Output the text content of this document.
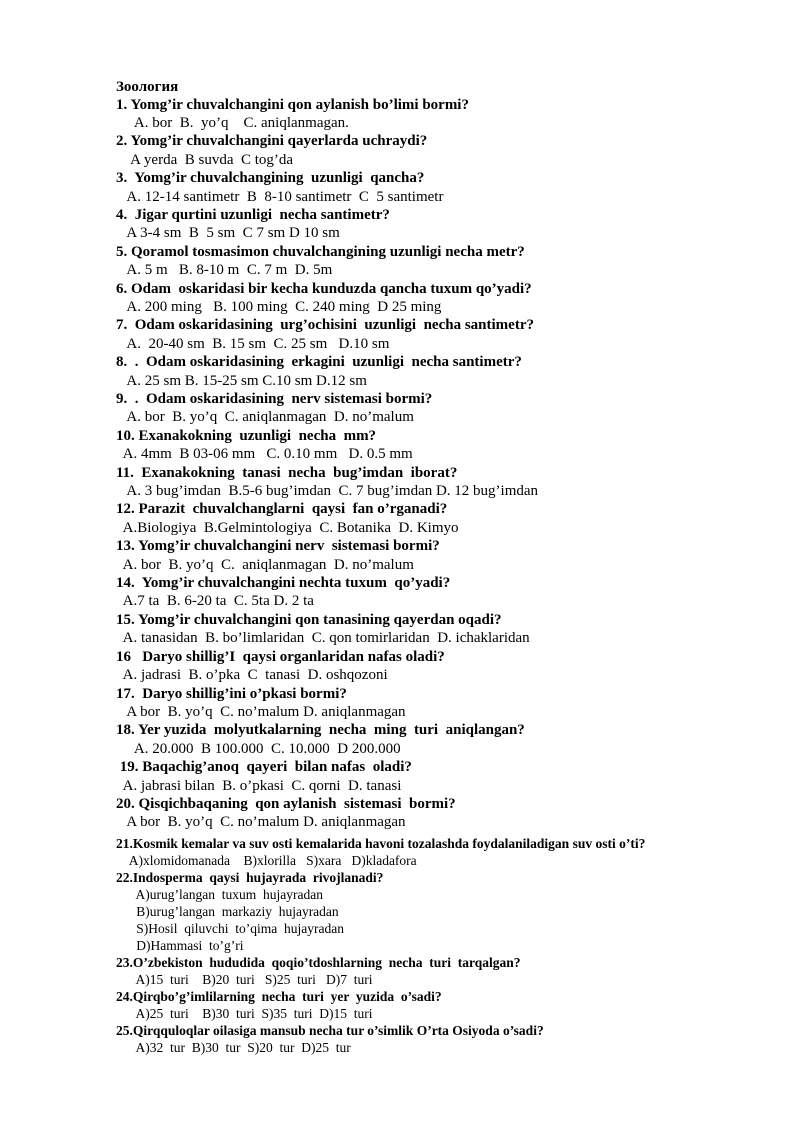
Зоология
1. Yomg’ir chuvalchangini qon aylanish bo’limi bormi?
A. bor  B.  yo’q    C. aniqlanmagan.
2. Yomg’ir chuvalchangini qayerlarda uchraydi?
A yerda  B suvda  C tog’da
3.  Yomg’ir chuvalchangining  uzunligi  qancha?
A. 12-14 santimetr  B  8-10 santimetr  C  5 santimetr
4.  Jigar qurtini uzunligi  necha santimetr?
A 3-4 sm  B  5 sm  C 7 sm D 10 sm
5. Qoramol tosmasimon chuvalchangining uzunligi necha metr?
A. 5 m   B. 8-10 m  C. 7 m  D. 5m
6. Odam  oskaridasi bir kecha kunduzda qancha tuxum qo’yadi?
A. 200 ming   B. 100 ming  C. 240 ming  D 25 ming
7.  Odam oskaridasining  urg’ochisini  uzunligi  necha santimetr?
A.  20-40 sm  B. 15 sm  C. 25 sm   D.10 sm
8.  .  Odam oskaridasining  erkagini  uzunligi  necha santimetr?
A. 25 sm B. 15-25 sm C.10 sm D.12 sm
9.  .  Odam oskaridasining  nerv sistemasi bormi?
A. bor  B. yo’q  C. aniqlanmagan  D. no’malum
10. Exanakokning  uzunligi  necha  mm?
A. 4mm  B 03-06 mm   C. 0.10 mm   D. 0.5 mm
11.  Exanakokning  tanasi  necha  bug’imdan  iborat?
A. 3 bug’imdan  B.5-6 bug’imdan  C. 7 bug’imdan D. 12 bug’imdan
12. Parazit  chuvalchanglarni  qaysi  fan o’rganadi?
A.Biologiya  B.Gelmintologiya  C. Botanika  D. Kimyo
13. Yomg’ir chuvalchangini nerv  sistemasi bormi?
A. bor  B. yo’q  C.  aniqlanmagan  D. no’malum
14.  Yomg’ir chuvalchangini nechta tuxum  qo’yadi?
A.7 ta  B. 6-20 ta  C. 5ta D. 2 ta
15. Yomg’ir chuvalchangini qon tanasining qayerdan oqadi?
A. tanasidan  B. bo’limlaridan  C. qon tomirlaridan  D. ichaklaridan
16   Daryo shillig’I  qaysi organlaridan nafas oladi?
A. jadrasi  B. o’pka  C  tanasi  D. oshqozoni
17.  Daryo shillig’ini o’pkasi bormi?
A bor  B. yo’q  C. no’malum D. aniqlanmagan
18. Yer yuzida  molyutkalarning  necha  ming  turi  aniqlangan?
A. 20.000  B 100.000  C. 10.000  D 200.000
19. Baqachig’anoq  qayeri  bilan nafas  oladi?
A. jabrasi bilan  B. o’pkasi  C. qorni  D. tanasi
20. Qisqichbaqaning  qon aylanish  sistemasi  bormi?
A bor  B. yo’q  C. no’malum D. aniqlanmagan
21.Kosmik kemalar va suv osti kemalarida havoni tozalashda foydalaniladigan suv osti o’ti?
A)xlomidomanada    B)xlorilla   S)xara   D)kladafora
22.Indosperma  qaysi  hujayrada  rivojlanadi?
A)urug’langan  tuxum  hujayradan
B)urug’langan  markaziy  hujayradan
S)Hosil  qiluvchi  to’qima  hujayradan
D)Hammasi  to’g’ri
23.O’zbekiston  hududida  qoqio’tdoshlarning  necha  turi  tarqalgan?
A)15  turi    B)20  turi   S)25  turi   D)7  turi
24.Qirqbo’g’imlilarning  necha  turi  yer  yuzida  o’sadi?
A)25  turi    B)30  turi  S)35  turi  D)15  turi
25.Qirqquloqlar oilasiga mansub necha tur o’simlik O’rta Osiyoda o’sadi?
A)32  tur  B)30  tur  S)20  tur  D)25  tur
